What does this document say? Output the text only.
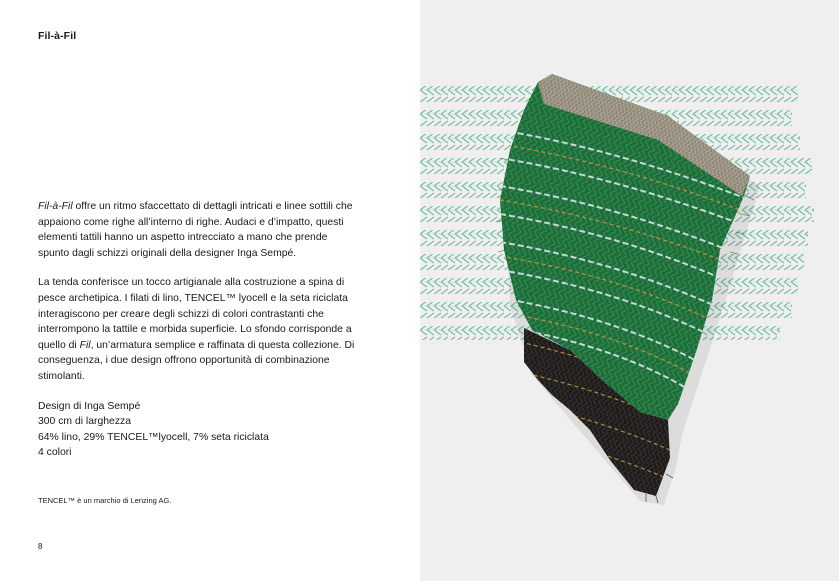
Fil-à-Fil

Fil-à-Fil offre un ritmo sfaccettato di dettagli intricati e linee sottili che appaiono come righe all’interno di righe. Audaci e d’impatto, questi elementi tattili hanno un aspetto intrecciato a mano che prende spunto dagli schizzi originali della designer Inga Sempé.

La tenda conferisce un tocco artigianale alla costruzione a spina di pesce archetipica. I filati di lino, TENCEL™ lyocell e la seta riciclata interagiscono per creare degli schizzi di colori contrastanti che interrompono la tattile e morbida superficie. Lo sfondo corrisponde a quello di Fil, un’armatura semplice e raffinata di questa collezione. Di conseguenza, i due design offrono opportunità di combinazione stimolanti.

Design di Inga Sempé
300 cm di larghezza
64% lino, 29% TENCEL™lyocell, 7% seta riciclata
4 colori

TENCEL™ è un marchio di Lenzing AG.
8
